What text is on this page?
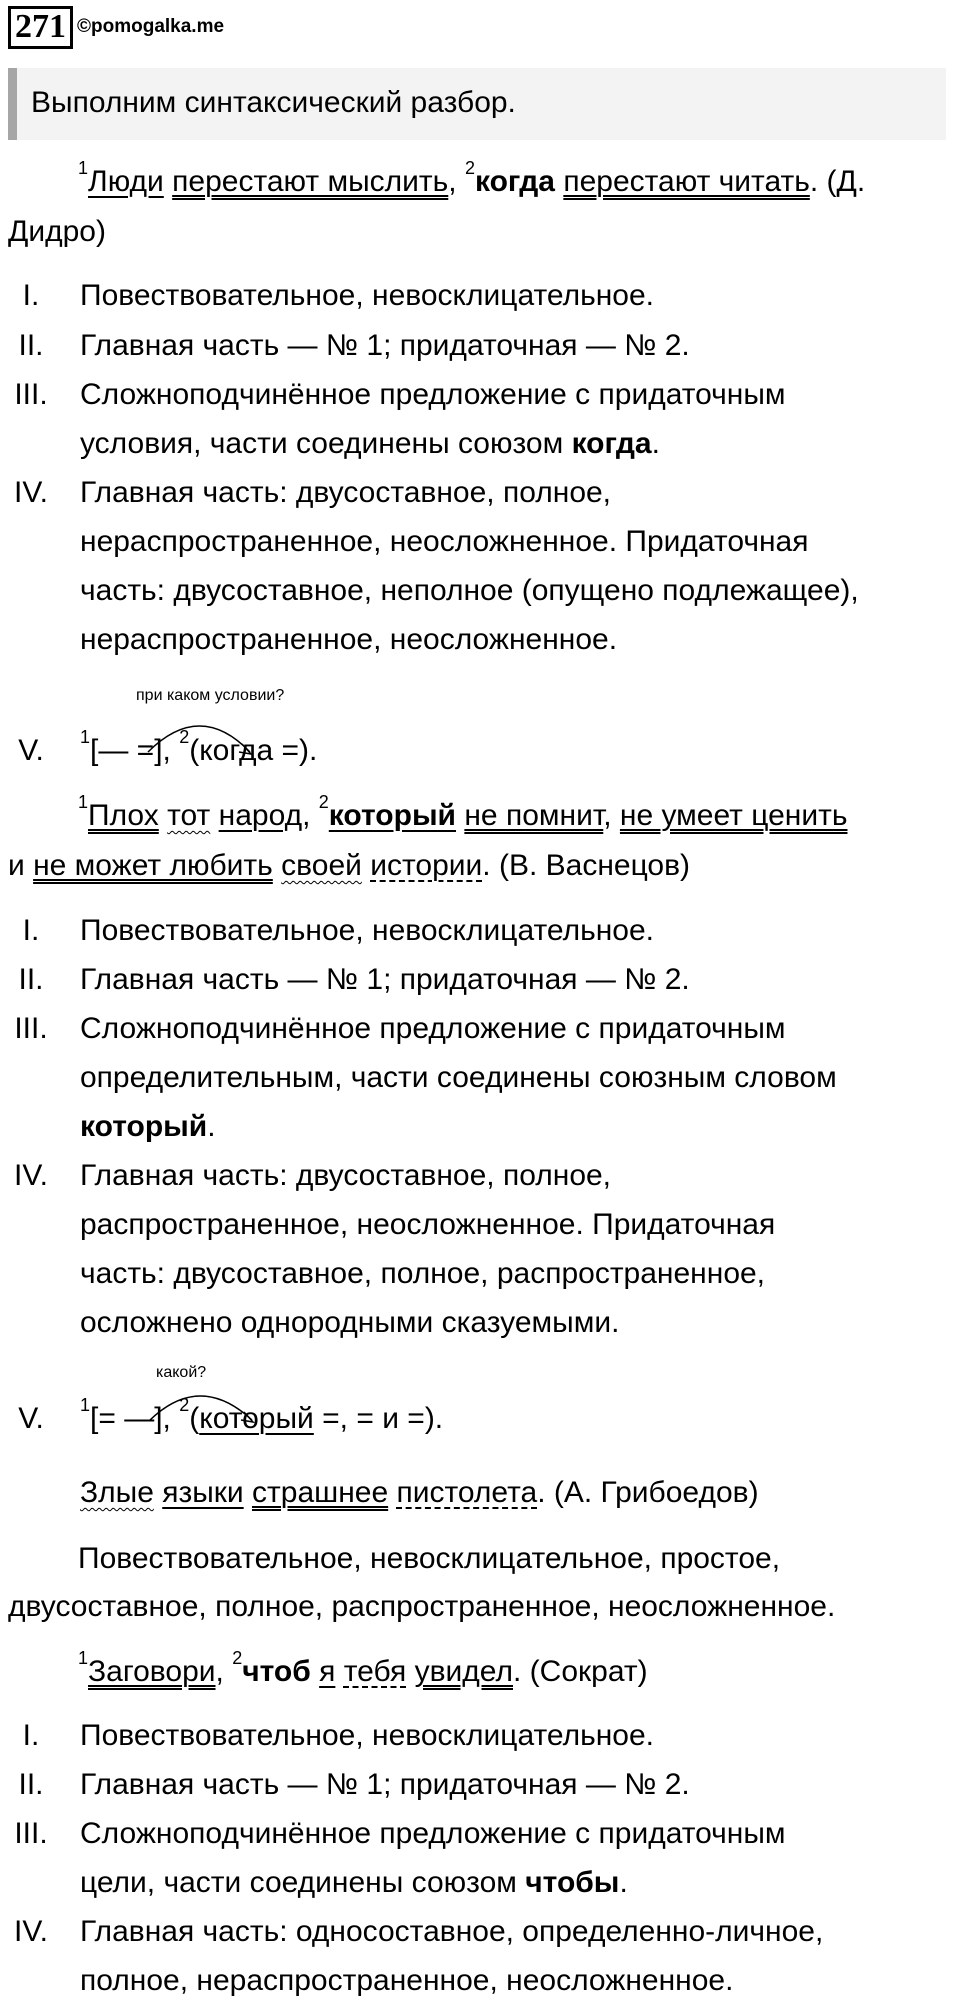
271 ©pomogalka.me
Выполним синтаксический разбор.
$^1$Люди перестают мыслить, $^2$когда перестают читать. (Д.
Дидро)
I.	Повествовательное, невосклицательное.
II.	Главная часть — № 1; придаточная — № 2.
III.	Сложноподчинённое предложение с придаточным
условия, части соединены союзом когда.
IV.	Главная часть: двусоставное, полное,
нераспространенное, неосложненное. Придаточная
часть: двусоставное, неполное (опущено подлежащее),
нераспространенное, неосложненное.
при каком условии?
V.	$^1$[— =], $^2$(когда =).
$^1$Плох тот народ, $^2$который не помнит, не умеет ценить
и не может любить своей истории. (В. Васнецов)
I.	Повествовательное, невосклицательное.
II.	Главная часть — № 1; придаточная — № 2.
III.	Сложноподчинённое предложение с придаточным
определительным, части соединены союзным словом
который.
IV.	Главная часть: двусоставное, полное,
распространенное, неосложненное. Придаточная
часть: двусоставное, полное, распространенное,
осложнено однородными сказуемыми.
какой?
V.	$^1$[= —], $^2$(который =, = и =).
Злые языки страшнее пистолета. (А. Грибоедов)
Повествовательное, невосклицательное, простое,
двусоставное, полное, распространенное, неосложненное.
$^1$Заговори, $^2$чтоб я тебя увидел. (Сократ)
I.	Повествовательное, невосклицательное.
II.	Главная часть — № 1; придаточная — № 2.
III.	Сложноподчинённое предложение с придаточным
цели, части соединены союзом чтобы.
IV.	Главная часть: односоставное, определенно-личное,
полное, нераспространенное, неосложненное.
